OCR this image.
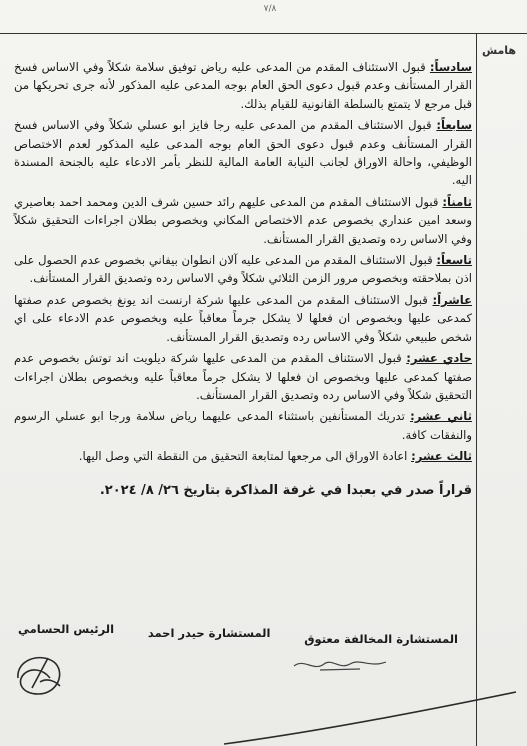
٧/٨
هامش

سادساً: قبول الاستئناف المقدم من المدعى عليه رياض توفيق سلامة شكلاً وفي الاساس فسخ القرار المستأنف وعدم قبول دعوى الحق العام بوجه المدعى عليه المذكور لأنه جرى تحريكها من قبل مرجع لا يتمتع بالسلطة القانونية للقيام بذلك.

سابعاً: قبول الاستئناف المقدم من المدعى عليه رجا فايز ابو عسلي شكلاً وفي الاساس فسخ القرار المستأنف وعدم قبول دعوى الحق العام بوجه المدعى عليه المذكور لعدم الاختصاص الوظيفي، واحالة الاوراق لجانب النيابة العامة المالية للنظر بأمر الادعاء عليه بالجنحة المسندة اليه.

ثامناً: قبول الاستئناف المقدم من المدعى عليهم رائد حسين شرف الدين ومحمد احمد بعاصيري وسعد امين عنداري بخصوص عدم الاختصاص المكاني وبخصوص بطلان اجراءات التحقيق شكلاً وفي الاساس رده وتصديق القرار المستأنف.

تاسعاً: قبول الاستئناف المقدم من المدعى عليه آلان انطوان بيفاني بخصوص عدم الحصول على اذن بملاحقته وبخصوص مرور الزمن الثلاثي شكلاً وفي الاساس رده وتصديق القرار المستأنف.

عاشراً: قبول الاستئناف المقدم من المدعى عليها شركة ارنست اند يونغ بخصوص عدم صفتها كمدعى عليها وبخصوص ان فعلها لا يشكل جرماً معاقباً عليه وبخصوص عدم الادعاء على اي شخص طبيعي شكلاً وفي الاساس رده وتصديق القرار المستأنف.

حادي عشر: قبول الاستئناف المقدم من المدعى عليها شركة ديلويت اند توتش بخصوص عدم صفتها كمدعى عليها وبخصوص ان فعلها لا يشكل جرماً معاقباً عليه وبخصوص بطلان اجراءات التحقيق شكلاً وفي الاساس رده وتصديق القرار المستأنف.

ثاني عشر: تدريك المستأنفين باستثناء المدعى عليهما رياض سلامة ورجا ابو عسلي الرسوم والنفقات كافة.

ثالث عشر: اعادة الاوراق الى مرجعها لمتابعة التحقيق من النقطة التي وصل اليها.

قراراً صدر في بعبدا في غرفة المذاكرة بتاريخ ٢٦/ ٨/ ٢٠٢٤.

المستشارة المخالفة معتوق
المستشارة حيدر احمد
الرئيس الحسامي
